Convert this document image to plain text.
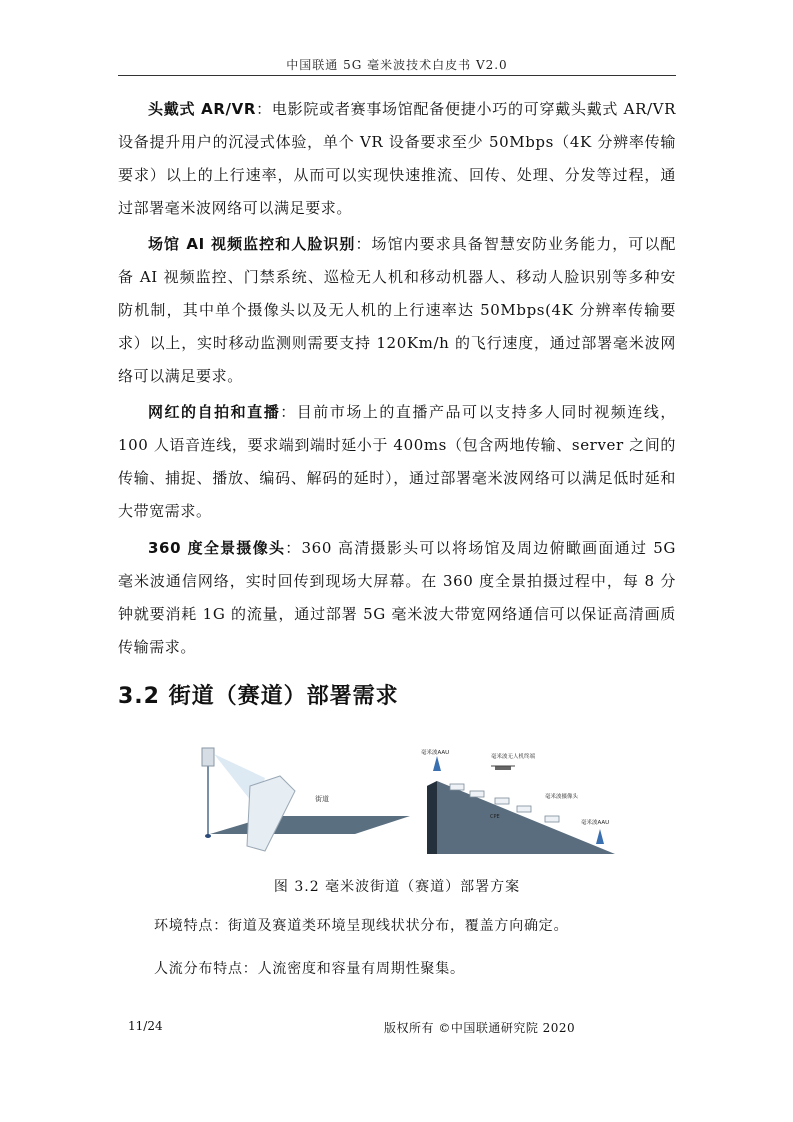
中国联通 5G 毫米波技术白皮书 V2.0

头戴式 AR/VR：电影院或者赛事场馆配备便捷小巧的可穿戴头戴式 AR/VR 设备提升用户的沉浸式体验，单个 VR 设备要求至少 50Mbps（4K 分辨率传输要求）以上的上行速率，从而可以实现快速推流、回传、处理、分发等过程，通过部署毫米波网络可以满足要求。

场馆 AI 视频监控和人脸识别：场馆内要求具备智慧安防业务能力，可以配备 AI 视频监控、门禁系统、巡检无人机和移动机器人、移动人脸识别等多种安防机制，其中单个摄像头以及无人机的上行速率达 50Mbps(4K 分辨率传输要求）以上，实时移动监测则需要支持 120Km/h 的飞行速度，通过部署毫米波网络可以满足要求。

网红的自拍和直播：目前市场上的直播产品可以支持多人同时视频连线，100 人语音连线，要求端到端时延小于 400ms（包含两地传输、server 之间的传输、捕捉、播放、编码、解码的延时），通过部署毫米波网络可以满足低时延和大带宽需求。

360 度全景摄像头：360 高清摄影头可以将场馆及周边俯瞰画面通过 5G 毫米波通信网络，实时回传到现场大屏幕。在 360 度全景拍摄过程中，每 8 分钟就要消耗 1G 的流量，通过部署 5G 毫米波大带宽网络通信可以保证高清画质传输需求。

3.2 街道（赛道）部署需求
街道
毫米波AAU
毫米波无人机终端
毫米波摄像头
CPE
毫米波AAU
图 3.2 毫米波街道（赛道）部署方案
环境特点：街道及赛道类环境呈现线状状分布，覆盖方向确定。
人流分布特点：人流密度和容量有周期性聚集。
11/24	版权所有 ©中国联通研究院 2020
